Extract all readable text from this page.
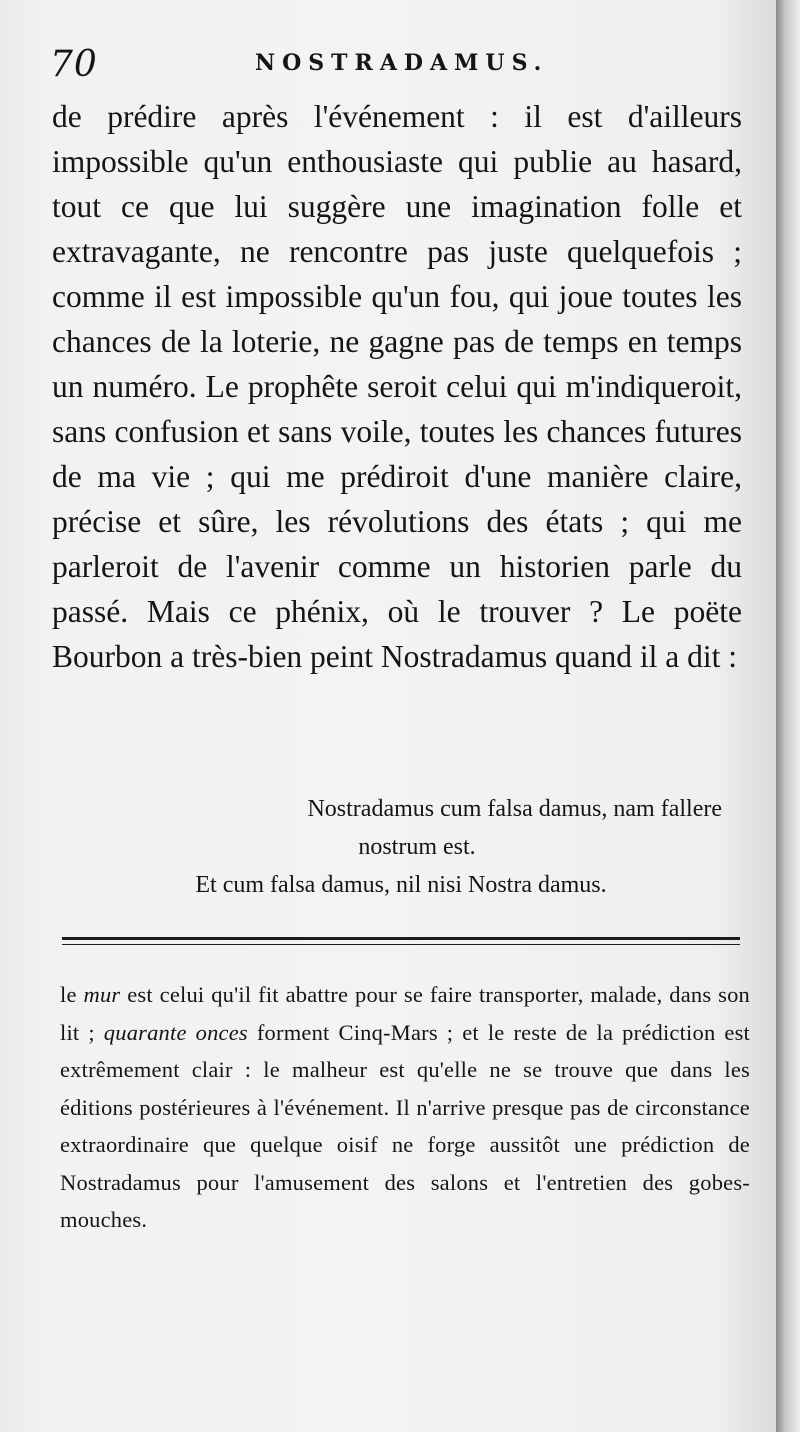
70	NOSTRADAMUS.

de prédire après l'événement : il est d'ailleurs impossible qu'un enthousiaste qui publie au hasard, tout ce que lui suggère une imagination folle et extravagante, ne rencontre pas juste quelquefois ; comme il est impossible qu'un fou, qui joue toutes les chances de la loterie, ne gagne pas de temps en temps un numéro. Le prophête seroit celui qui m'indiqueroit, sans confusion et sans voile, toutes les chances futures de ma vie ; qui me prédiroit d'une manière claire, précise et sûre, les révolutions des états ; qui me parleroit de l'avenir comme un historien parle du passé. Mais ce phénix, où le trouver ? Le poëte Bourbon a très-bien peint Nostradamus quand il a dit :

Nostradamus cum falsa damus, nam fallere
nostrum est.
Et cum falsa damus, nil nisi Nostra damus.

le mur est celui qu'il fit abattre pour se faire transporter, malade, dans son lit ; quarante onces forment Cinq-Mars ; et le reste de la prédiction est extrêmement clair : le malheur est qu'elle ne se trouve que dans les éditions postérieures à l'événement. Il n'arrive presque pas de circonstance extraordinaire que quelque oisif ne forge aussitôt une prédiction de Nostradamus pour l'amusement des salons et l'entretien des gobes-mouches.
